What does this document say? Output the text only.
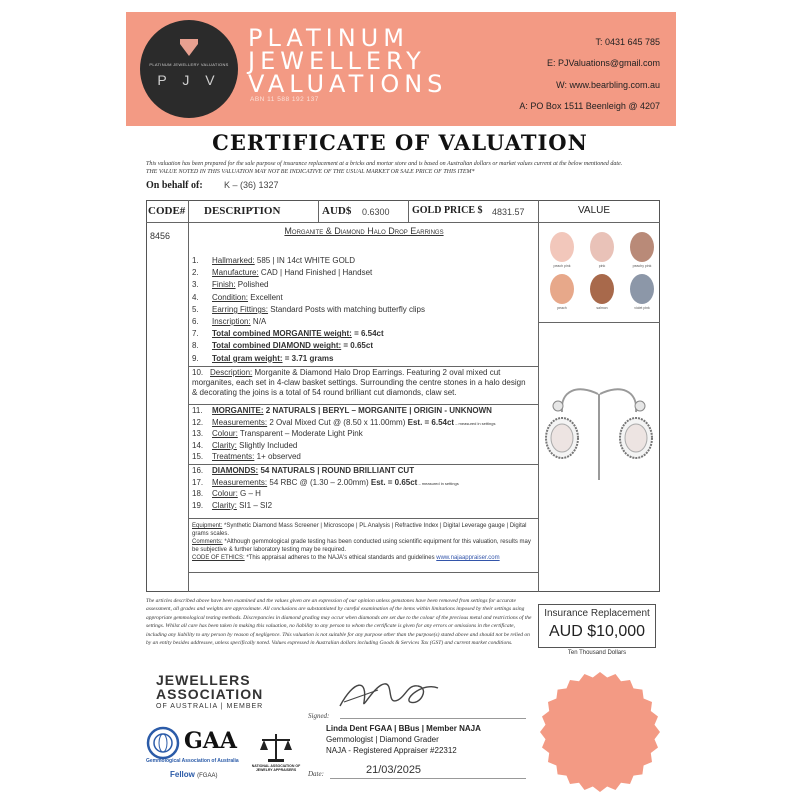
PLATINUM JEWELLERY VALUATIONS
P J V
PLATINUM
JEWELLERY
VALUATIONS
ABN 11 588 192 137
T: 0431 645 785
E: PJValuations@gmail.com
W: www.bearbling.com.au
A: PO Box 1511 Beenleigh @ 4207
CERTIFICATE OF VALUATION
This valuation has been prepared for the sale purpose of insurance replacement at a bricks and mortar store and is based on Australian dollars or market values current at the below mentioned date.
THE VALUE NOTED IN THIS VALUATION MAY NOT BE INDICATIVE OF THE USUAL MARKET OR SALE PRICE OF THIS ITEM*
On behalf of: K – (36) 1327
CODE# DESCRIPTION	AUD$ 0.6300 GOLD PRICE $ 4831.57	VALUE
8456	Morganite & Diamond Halo Drop Earrings
1. Hallmarked: 585 | IN 14ct WHITE GOLD
2. Manufacture: CAD | Hand Finished | Handset
3. Finish: Polished
4. Condition: Excellent
5. Earring Fittings: Standard Posts with matching butterfly clips
6. Inscription: N/A
7. Total combined MORGANITE weight: = 6.54ct
8. Total combined DIAMOND weight: = 0.65ct
9. Total gram weight: = 3.71 grams
11. MORGANITE: 2 NATURALS | BERYL – MORGANITE | ORIGIN - UNKNOWN
12. Measurements: 2 Oval Mixed Cut @ (8.50 x 11.00mm) Est. = 6.54ct – measured in settings
13. Colour: Transparent – Moderate Light Pink
14. Clarity: Slightly Included
15. Treatments: 1+ observed
16. DIAMONDS: 54 NATURALS | ROUND BRILLIANT CUT
17. Measurements: 54 RBC @ (1.30 – 2.00mm) Est. = 0.65ct – measured in settings
18. Colour: G – H
19. Clarity: SI1 – SI2
10. Description: Morganite & Diamond Halo Drop Earrings. Featuring 2 oval mixed cut morganites, each set in 4-claw basket settings. Surrounding the centre stones in a halo design & decorating the joins is a total of 54 round brilliant cut diamonds, claw set.
Equipment: *Synthetic Diamond Mass Screener | Microscope | PL Analysis | Refractive Index | Digital Leverage gauge | Digital grams scales.
Comments: *Although gemmological grade testing has been conducted using scientific equipment for this valuation, results may be subjective & further laboratory testing may be required.
CODE OF ETHICS: *This appraisal adheres to the NAJA's ethical standards and guidelines www.najaappraiser.com
peach pink	pink	peachy pink
peach	salmon	violet pink
The articles described above have been examined and the values given are an expression of our opinion unless gemstones have been removed from settings for accurate assessment, all grades and weights are approximate. All conclusions are substantiated by careful examination of the items within limitations imposed by their settings using appropriate gemmological testing methods. Discrepancies in diamond grading may occur when diamonds are set due to the colour of the precious metal and restrictions of the settings. Whilst all care has been taken in making this valuation, no liability to any person to whom the certificate is given for any errors or omissions in the certificate, including any liability to any person by reason of negligence. This valuation is not suitable for any purpose other than the purpose(s) stated above and should not be relied on by an entity besides addressee, unless specifically noted. Values expressed in Australian dollars including Goods & Services Tax (GST) and current market conditions.
Insurance Replacement
AUD $10,000
Ten Thousand Dollars
JEWELLERS
ASSOCIATION
OF AUSTRALIA | MEMBER
GAA
Gemmological Association of Australia
Fellow (FGAA)
NATIONAL ASSOCIATION OF JEWELRY APPRAISERS
Signed:
Linda Dent FGAA | BBus | Member NAJA
Gemmologist | Diamond Grader
NAJA - Registered Appraiser #22312
Date:	21/03/2025
